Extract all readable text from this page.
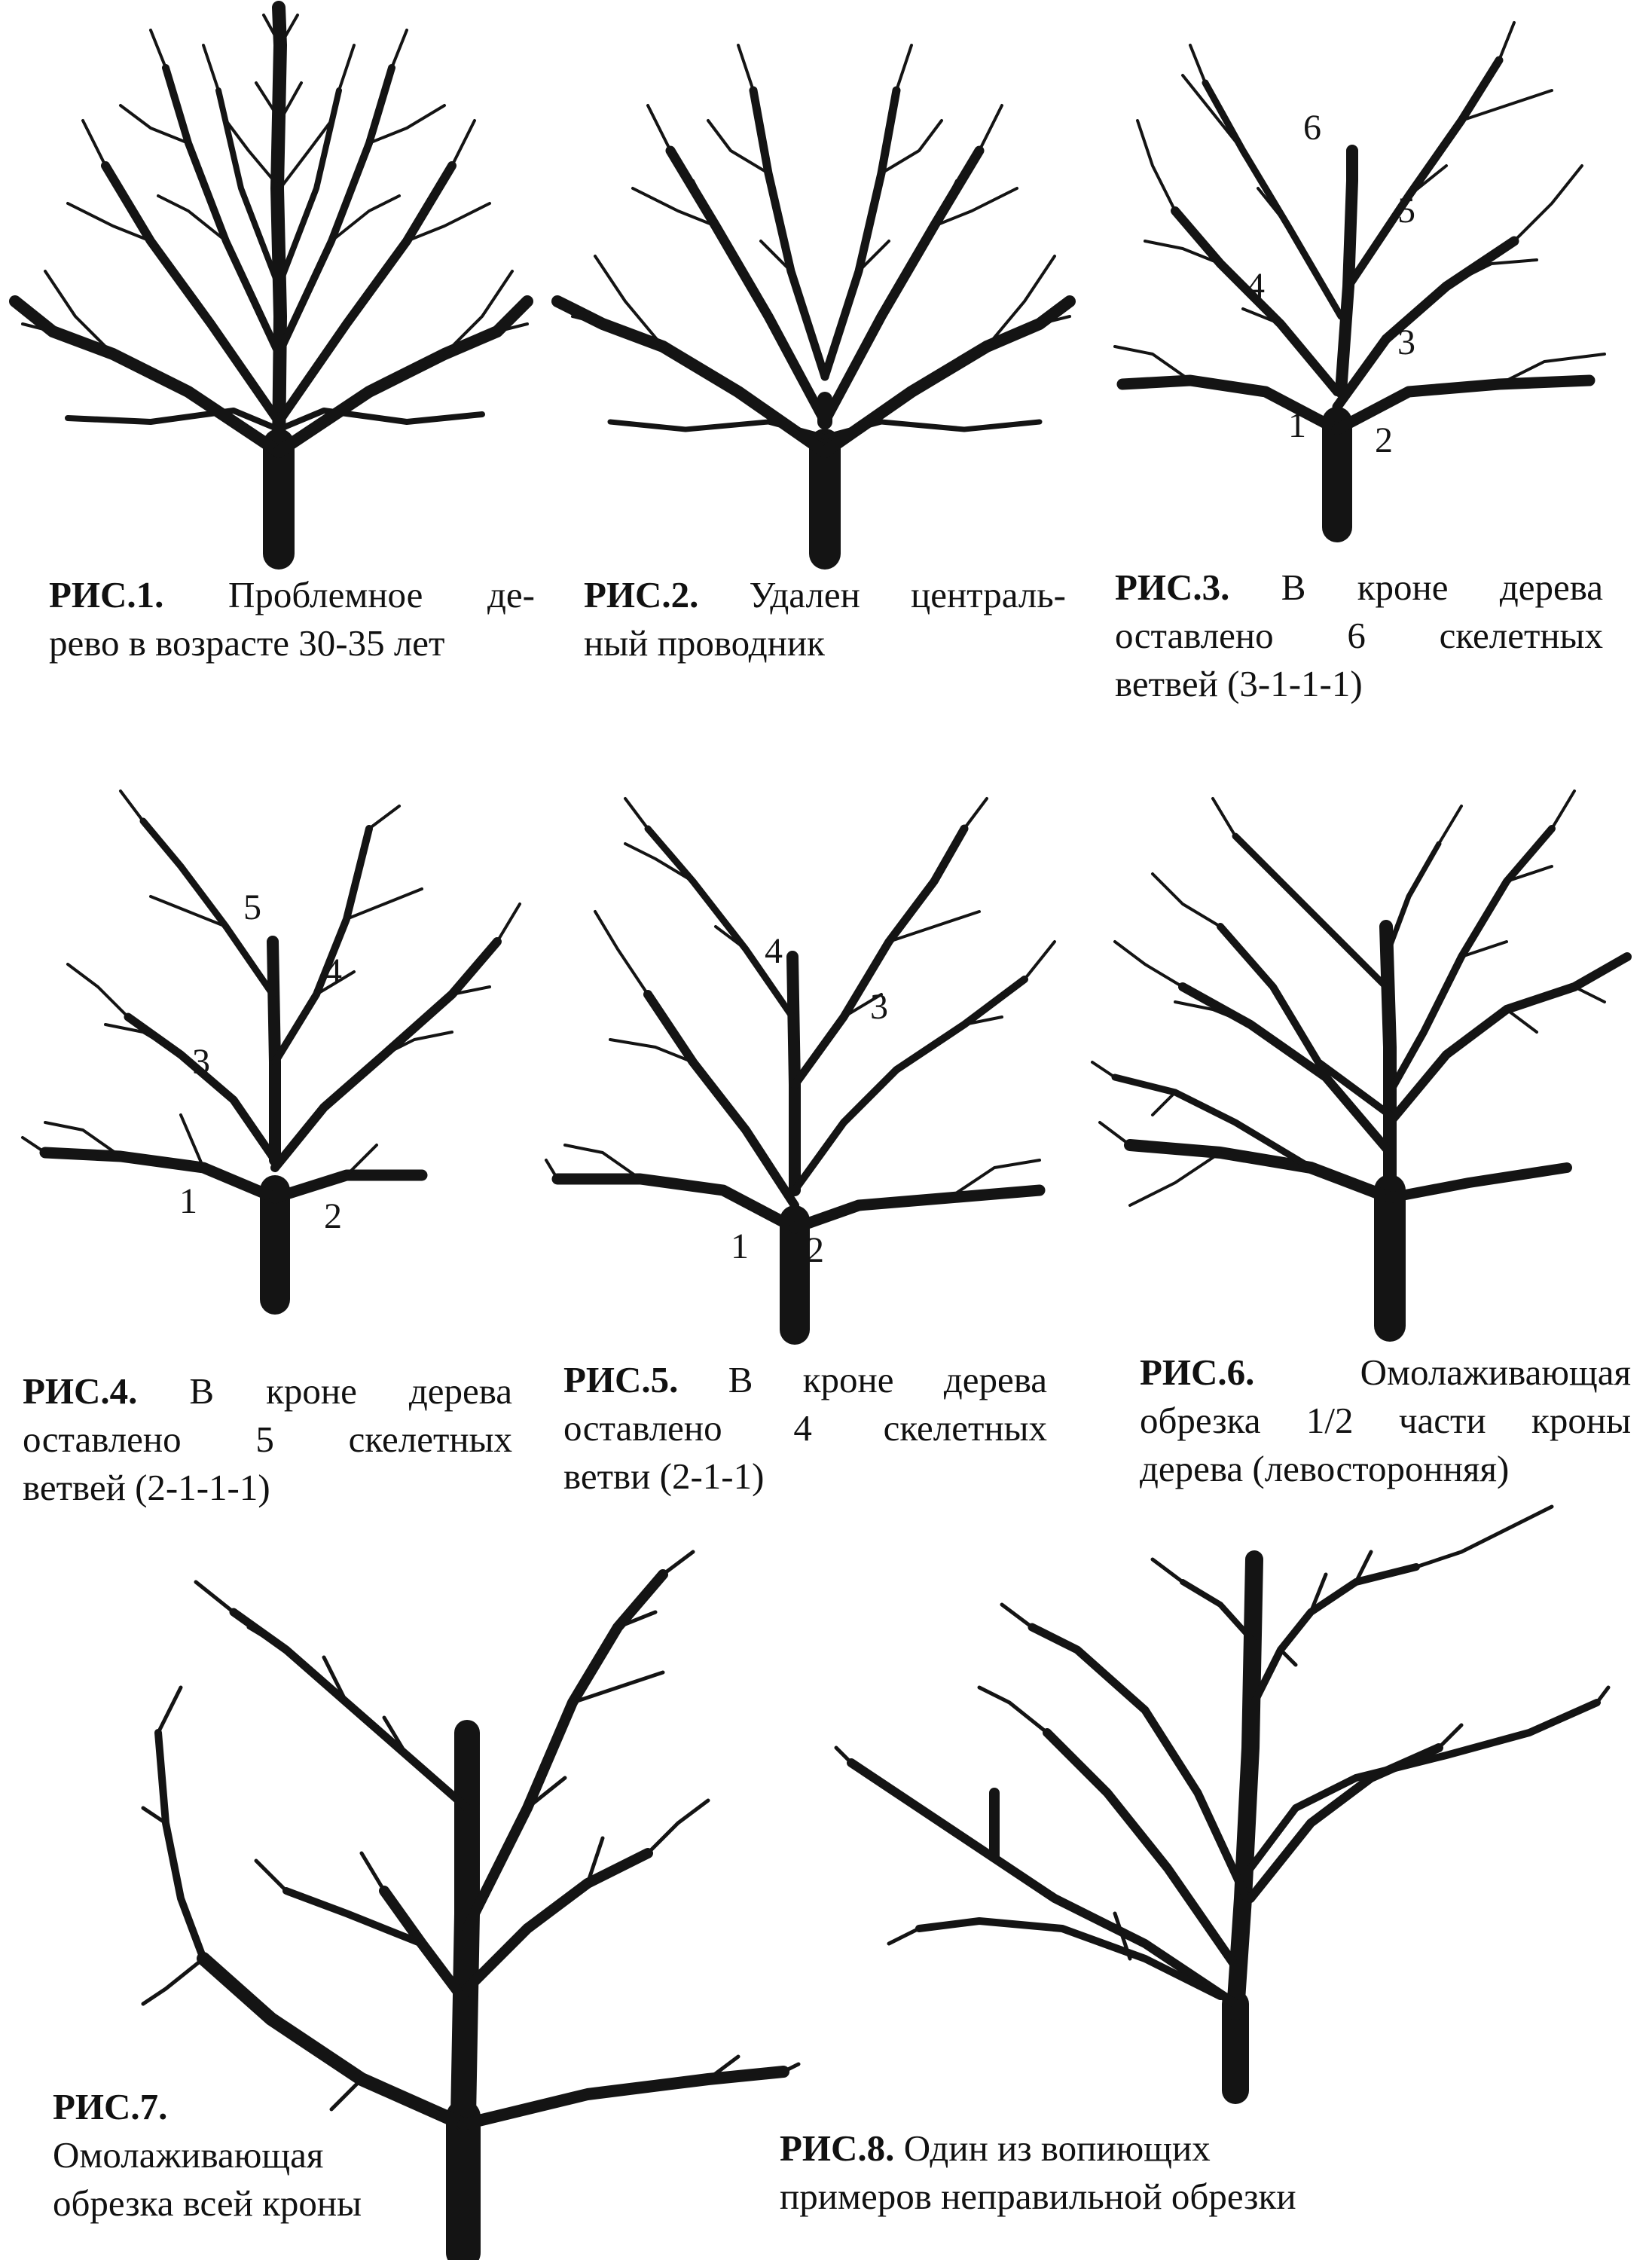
РИС.1. Проблемное де-
рево в возрасте 30-35 лет
РИС.2. Удален централь-
ный проводник
1 2
3
4
5
6
РИС.3. В кроне дерева
оставлено 6 скелетных
ветвей (3-1-1-1)
1	2
3
4
5
РИС.4. В кроне дерева
оставлено 5 скелетных
ветвей (2-1-1-1)
1 2
3
4
РИС.5. В кроне дерева
оставлено 4 скелетных
ветви (2-1-1)
РИС.6.	Омолаживающая
обрезка 1/2 части кроны
дерева (левосторонняя)
РИС.7.
Омолаживающая
обрезка всей кроны
РИС.8. Один из вопиющих
примеров неправильной обрезки
